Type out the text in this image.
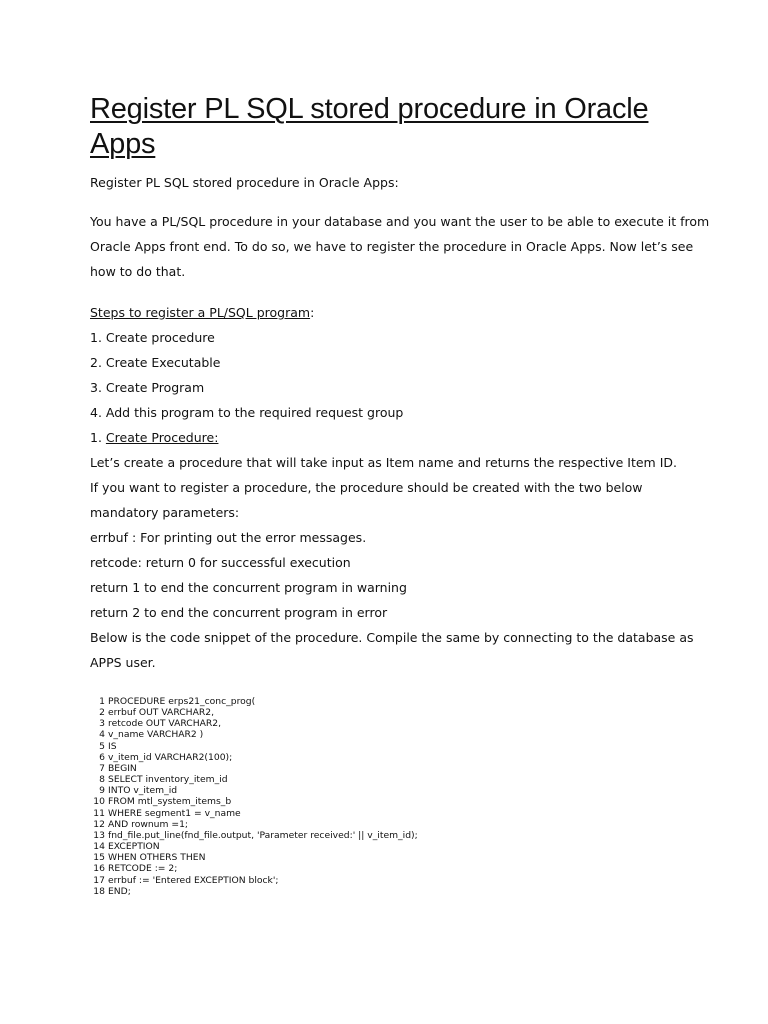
Register PL SQL stored procedure in Oracle Apps

Register PL SQL stored procedure in Oracle Apps:

You have a PL/SQL procedure in your database and you want the user to be able to execute it from Oracle Apps front end. To do so, we have to register the procedure in Oracle Apps. Now let’s see how to do that.

Steps to register a PL/SQL program:

1. Create procedure

2. Create Executable

3. Create Program

4. Add this program to the required request group

1. Create Procedure:

Let’s create a procedure that will take input as Item name and returns the respective Item ID.

If you want to register a procedure, the procedure should be created with the two below mandatory parameters:

errbuf : For printing out the error messages.

retcode: return 0 for successful execution

return 1 to end the concurrent program in warning

return 2 to end the concurrent program in error

Below is the code snippet of the procedure. Compile the same by connecting to the database as APPS user.

1 PROCEDURE erps21_conc_prog(
2 errbuf OUT VARCHAR2,
3 retcode OUT VARCHAR2,
4 v_name VARCHAR2 )
5 IS
6 v_item_id VARCHAR2(100);
7 BEGIN
8 SELECT inventory_item_id
9 INTO v_item_id
10 FROM mtl_system_items_b
11 WHERE segment1 = v_name
12 AND rownum =1;
13 fnd_file.put_line(fnd_file.output, 'Parameter received:' || v_item_id);
14 EXCEPTION
15 WHEN OTHERS THEN
16 RETCODE := 2;
17 errbuf := 'Entered EXCEPTION block';
18 END;
